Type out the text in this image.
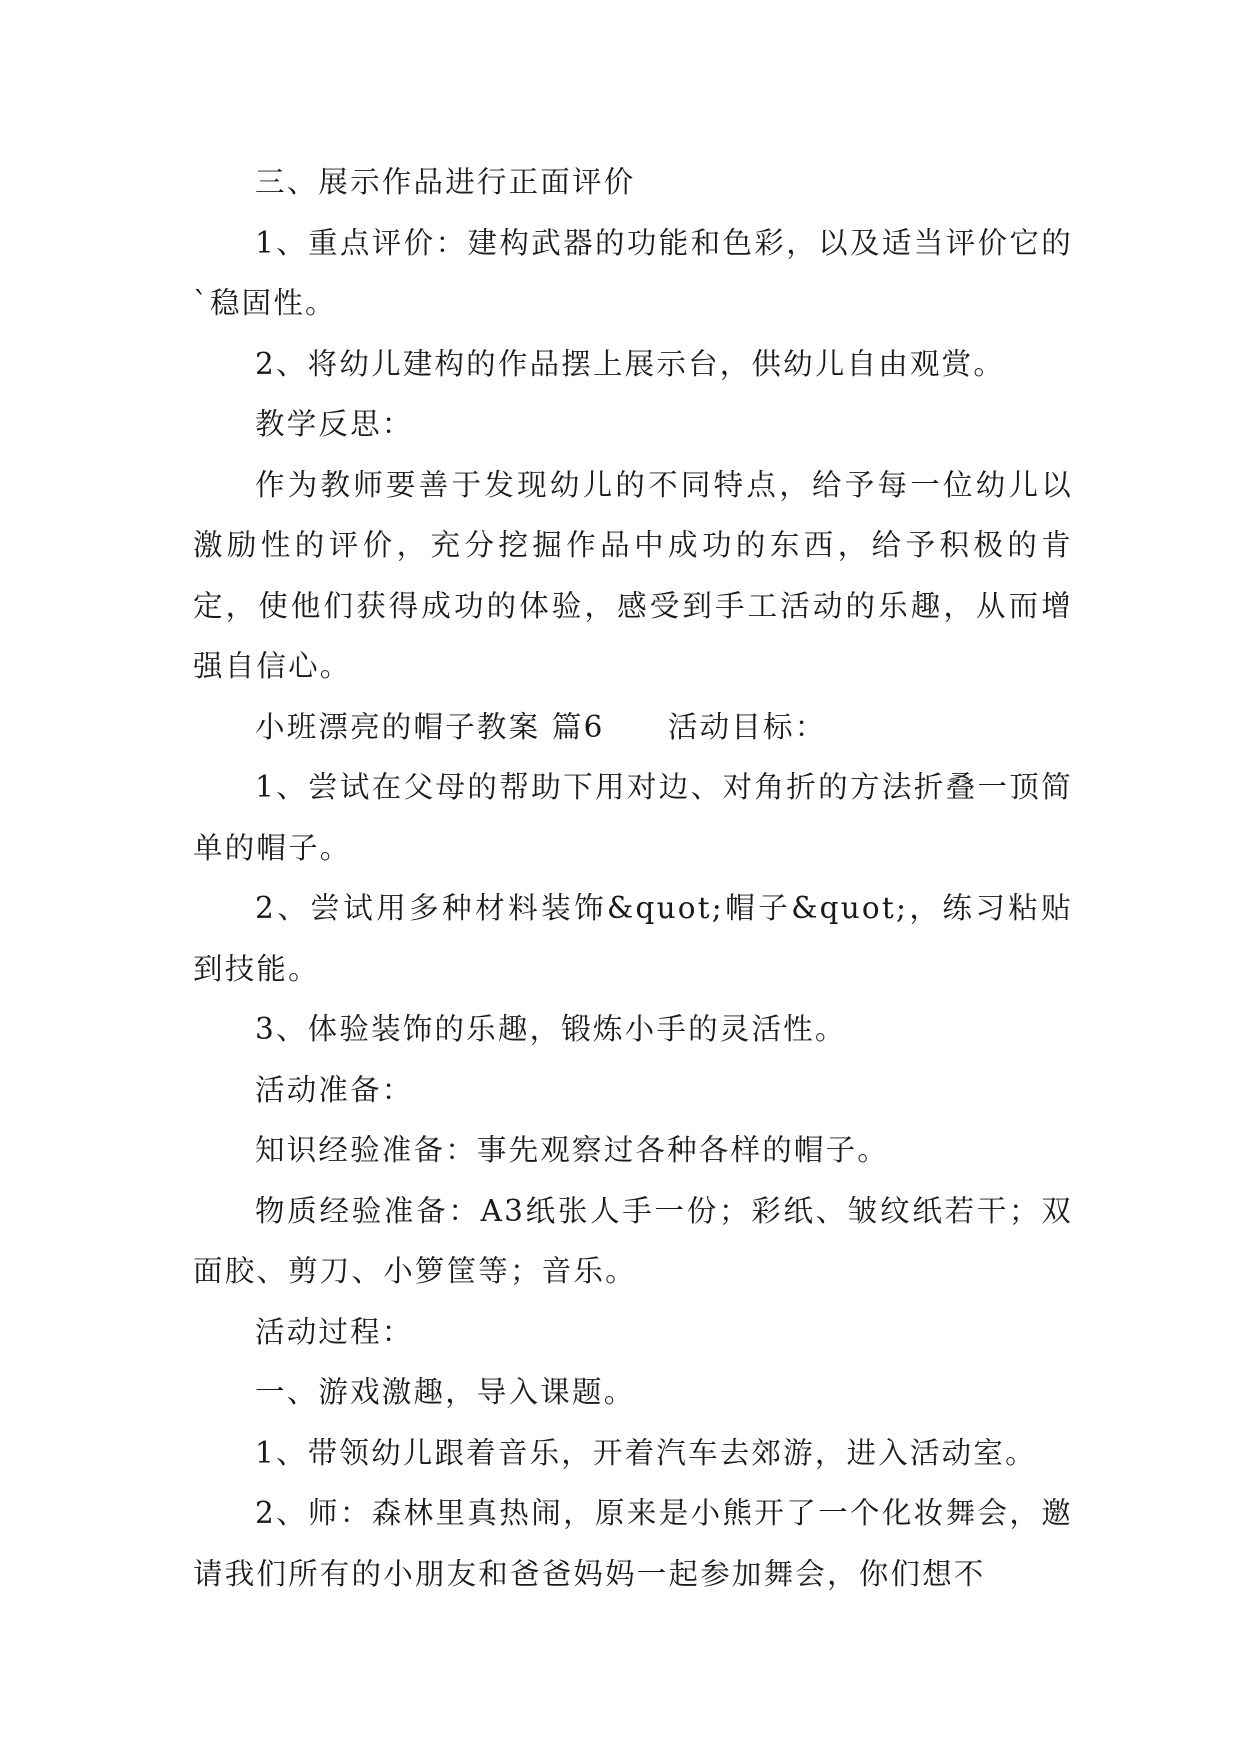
三、展示作品进行正面评价

1、重点评价：建构武器的功能和色彩，以及适当评价它的`稳固性。

2、将幼儿建构的作品摆上展示台，供幼儿自由观赏。

教学反思：

作为教师要善于发现幼儿的不同特点，给予每一位幼儿以激励性的评价，充分挖掘作品中成功的东西，给予积极的肯定，使他们获得成功的体验，感受到手工活动的乐趣，从而增强自信心。

小班漂亮的帽子教案 篇6　　活动目标：

1、尝试在父母的帮助下用对边、对角折的方法折叠一顶简单的帽子。

2、尝试用多种材料装饰&quot;帽子&quot;，练习粘贴到技能。

3、体验装饰的乐趣，锻炼小手的灵活性。

活动准备：

知识经验准备：事先观察过各种各样的帽子。

物质经验准备：A3纸张人手一份；彩纸、皱纹纸若干；双面胶、剪刀、小箩筐等；音乐。

活动过程：

一、游戏激趣，导入课题。

1、带领幼儿跟着音乐，开着汽车去郊游，进入活动室。

2、师：森林里真热闹，原来是小熊开了一个化妆舞会，邀请我们所有的小朋友和爸爸妈妈一起参加舞会，你们想不
